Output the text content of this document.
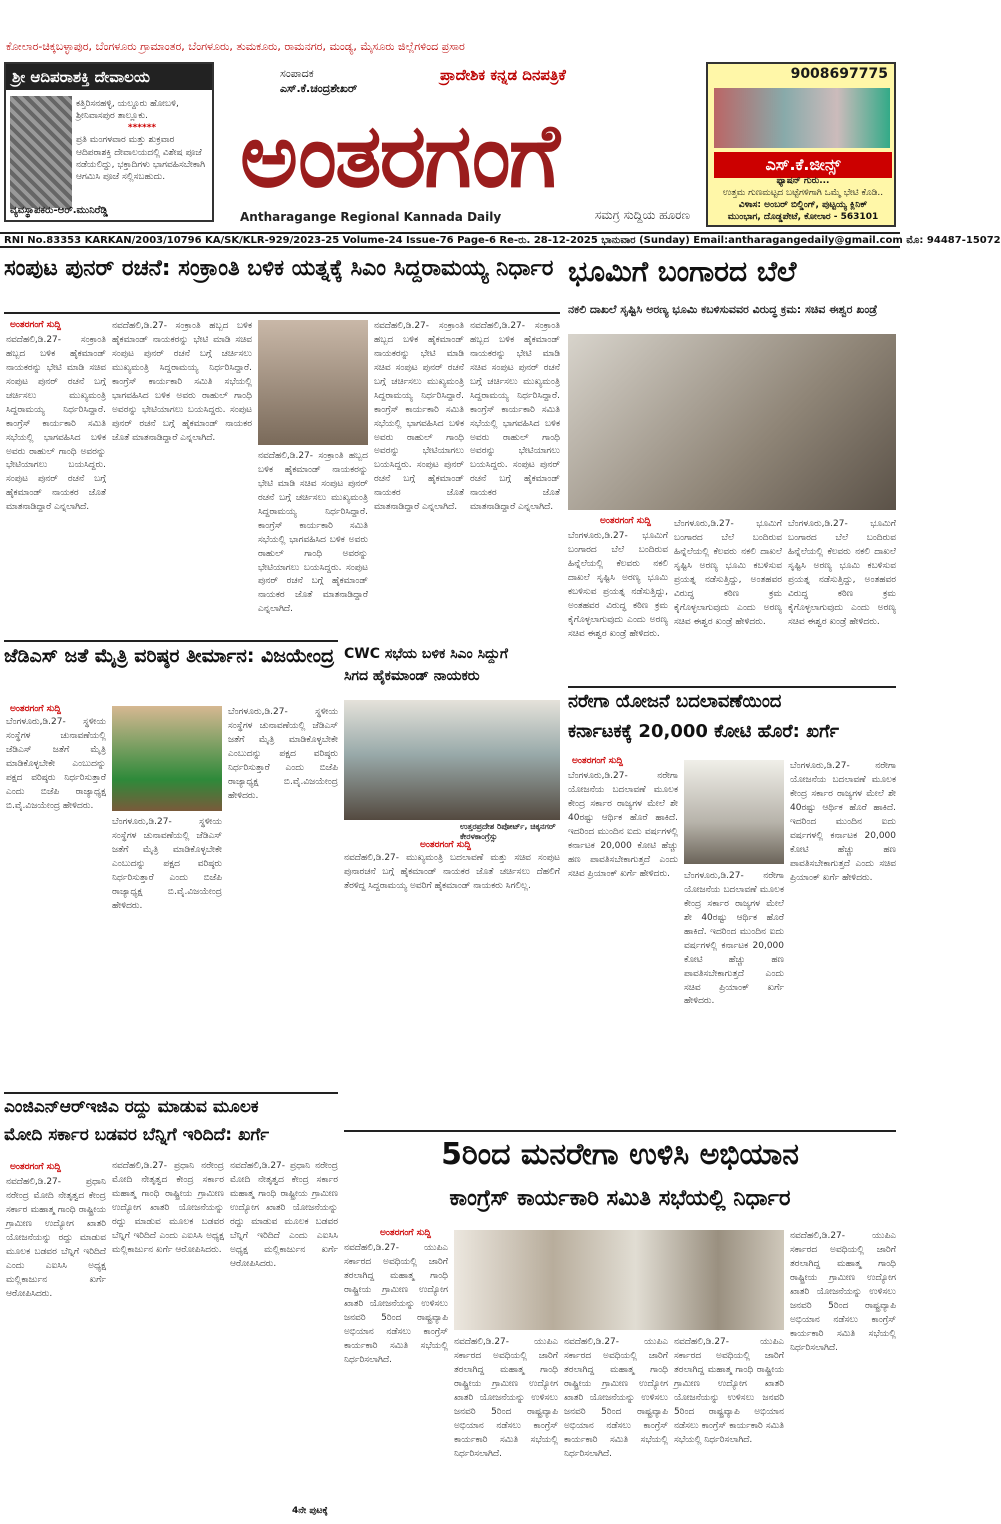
ಕೋಲಾರ-ಚಿಕ್ಕಬಳ್ಳಾಪುರ, ಬೆಂಗಳೂರು ಗ್ರಾಮಾಂತರ, ಬೆಂಗಳೂರು, ತುಮಕೂರು, ರಾಮನಗರ, ಮಂಡ್ಯ, ಮೈಸೂರು ಜಿಲ್ಲೆಗಳಿಂದ ಪ್ರಸಾರ
ಶ್ರೀ ಆದಿಪರಾಶಕ್ತಿ ದೇವಾಲಯ
ಕತ್ತಿರಿಸನಹಳ್ಳಿ, ಯಲ್ದೂರು ಹೋಬಳಿ, ಶ್ರೀನಿವಾಸಪುರ ತಾಲ್ಲೂಕು.
******
ಪ್ರತಿ ಮಂಗಳವಾರ ಮತ್ತು ಶುಕ್ರವಾರ ಆದಿಪರಾಶಕ್ತಿ ದೇವಾಲಯದಲ್ಲಿ ವಿಶೇಷ ಪೂಜೆ ನಡೆಯಲಿದ್ದು, ಭಕ್ತಾದಿಗಳು ಭಾಗವಹಿಸಬೇಕಾಗಿ ಆಗಮಿಸಿ ಪೂಜೆ ಸಲ್ಲಿಸಬಹುದು.
ವ್ಯವಸ್ಥಾಪಕರು-ಆರ್.ಮುನಿರೆಡ್ಡಿ
ಸಂಪಾದಕ
ಎಸ್.ಕೆ.ಚಂದ್ರಶೇಖರ್
ಪ್ರಾದೇಶಿಕ ಕನ್ನಡ ದಿನಪತ್ರಿಕೆ
ಅಂತರಗಂಗೆ
Antharagange Regional Kannada Daily	ಸಮಗ್ರ ಸುದ್ದಿಯ ಹೂರಣ
9008697775
ಎಸ್.ಕೆ.ಜೀನ್ಸ್
ಫ್ಯಾಷನ್ ಗುರು...
ಉತ್ತಮ ಗುಣಮಟ್ಟದ ಬಟ್ಟೆಗಳಿಗಾಗಿ ಒಮ್ಮೆ ಭೇಟಿ ಕೊಡಿ..
ವಿಳಾಸ: ಅಂಬರ್ ಬಿಲ್ಡಿಂಗ್, ಪುಟ್ಟಯ್ಯ ಕ್ಲಿನಿಕ್
ಮುಂಭಾಗ, ದೊಡ್ಡಪೇಟೆ, ಕೋಲಾರ - 563101
RNI No.83353 KARKAN/2003/10796 KA/SK/KLR-929/2023-25 Volume-24 Issue-76 Page-6 Re-ರು. 28-12-2025 ಭಾನುವಾರ (Sunday) Email:antharagangedaily@gmail.com ಮೊ: 94487-15072
ಸಂಪುಟ ಪುನರ್ ರಚನೆ: ಸಂಕ್ರಾಂತಿ ಬಳಿಕ ಯತ್ನಕ್ಕೆ ಸಿಎಂ ಸಿದ್ದರಾಮಯ್ಯ ನಿರ್ಧಾರ
ಅಂತರಗಂಗೆ ಸುದ್ದಿ
ನವದೆಹಲಿ,ಡಿ.27- ಸಂಕ್ರಾಂತಿ ಹಬ್ಬದ ಬಳಿಕ ಹೈಕಮಾಂಡ್ ನಾಯಕರನ್ನು ಭೇಟಿ ಮಾಡಿ ಸಚಿವ ಸಂಪುಟ ಪುನರ್ ರಚನೆ ಬಗ್ಗೆ ಚರ್ಚಿಸಲು ಮುಖ್ಯಮಂತ್ರಿ ಸಿದ್ದರಾಮಯ್ಯ ನಿರ್ಧರಿಸಿದ್ದಾರೆ. ಕಾಂಗ್ರೆಸ್ ಕಾರ್ಯಕಾರಿ ಸಮಿತಿ ಸಭೆಯಲ್ಲಿ ಭಾಗವಹಿಸಿದ ಬಳಿಕ ಅವರು ರಾಹುಲ್ ಗಾಂಧಿ ಅವರನ್ನು ಭೇಟಿಯಾಗಲು ಬಯಸಿದ್ದರು. ಸಂಪುಟ ಪುನರ್ ರಚನೆ ಬಗ್ಗೆ ಹೈಕಮಾಂಡ್ ನಾಯಕರ ಜೊತೆ ಮಾತನಾಡಿದ್ದಾರೆ ಎನ್ನಲಾಗಿದೆ.
ನವದೆಹಲಿ,ಡಿ.27- ಸಂಕ್ರಾಂತಿ ಹಬ್ಬದ ಬಳಿಕ ಹೈಕಮಾಂಡ್ ನಾಯಕರನ್ನು ಭೇಟಿ ಮಾಡಿ ಸಚಿವ ಸಂಪುಟ ಪುನರ್ ರಚನೆ ಬಗ್ಗೆ ಚರ್ಚಿಸಲು ಮುಖ್ಯಮಂತ್ರಿ ಸಿದ್ದರಾಮಯ್ಯ ನಿರ್ಧರಿಸಿದ್ದಾರೆ. ಕಾಂಗ್ರೆಸ್ ಕಾರ್ಯಕಾರಿ ಸಮಿತಿ ಸಭೆಯಲ್ಲಿ ಭಾಗವಹಿಸಿದ ಬಳಿಕ ಅವರು ರಾಹುಲ್ ಗಾಂಧಿ ಅವರನ್ನು ಭೇಟಿಯಾಗಲು ಬಯಸಿದ್ದರು. ಸಂಪುಟ ಪುನರ್ ರಚನೆ ಬಗ್ಗೆ ಹೈಕಮಾಂಡ್ ನಾಯಕರ ಜೊತೆ ಮಾತನಾಡಿದ್ದಾರೆ ಎನ್ನಲಾಗಿದೆ.
ನವದೆಹಲಿ,ಡಿ.27- ಸಂಕ್ರಾಂತಿ ಹಬ್ಬದ ಬಳಿಕ ಹೈಕಮಾಂಡ್ ನಾಯಕರನ್ನು ಭೇಟಿ ಮಾಡಿ ಸಚಿವ ಸಂಪುಟ ಪುನರ್ ರಚನೆ ಬಗ್ಗೆ ಚರ್ಚಿಸಲು ಮುಖ್ಯಮಂತ್ರಿ ಸಿದ್ದರಾಮಯ್ಯ ನಿರ್ಧರಿಸಿದ್ದಾರೆ. ಕಾಂಗ್ರೆಸ್ ಕಾರ್ಯಕಾರಿ ಸಮಿತಿ ಸಭೆಯಲ್ಲಿ ಭಾಗವಹಿಸಿದ ಬಳಿಕ ಅವರು ರಾಹುಲ್ ಗಾಂಧಿ ಅವರನ್ನು ಭೇಟಿಯಾಗಲು ಬಯಸಿದ್ದರು. ಸಂಪುಟ ಪುನರ್ ರಚನೆ ಬಗ್ಗೆ ಹೈಕಮಾಂಡ್ ನಾಯಕರ ಜೊತೆ ಮಾತನಾಡಿದ್ದಾರೆ ಎನ್ನಲಾಗಿದೆ.
ನವದೆಹಲಿ,ಡಿ.27- ಸಂಕ್ರಾಂತಿ ಹಬ್ಬದ ಬಳಿಕ ಹೈಕಮಾಂಡ್ ನಾಯಕರನ್ನು ಭೇಟಿ ಮಾಡಿ ಸಚಿವ ಸಂಪುಟ ಪುನರ್ ರಚನೆ ಬಗ್ಗೆ ಚರ್ಚಿಸಲು ಮುಖ್ಯಮಂತ್ರಿ ಸಿದ್ದರಾಮಯ್ಯ ನಿರ್ಧರಿಸಿದ್ದಾರೆ. ಕಾಂಗ್ರೆಸ್ ಕಾರ್ಯಕಾರಿ ಸಮಿತಿ ಸಭೆಯಲ್ಲಿ ಭಾಗವಹಿಸಿದ ಬಳಿಕ ಅವರು ರಾಹುಲ್ ಗಾಂಧಿ ಅವರನ್ನು ಭೇಟಿಯಾಗಲು ಬಯಸಿದ್ದರು. ಸಂಪುಟ ಪುನರ್ ರಚನೆ ಬಗ್ಗೆ ಹೈಕಮಾಂಡ್ ನಾಯಕರ ಜೊತೆ ಮಾತನಾಡಿದ್ದಾರೆ ಎನ್ನಲಾಗಿದೆ.
ನವದೆಹಲಿ,ಡಿ.27- ಸಂಕ್ರಾಂತಿ ಹಬ್ಬದ ಬಳಿಕ ಹೈಕಮಾಂಡ್ ನಾಯಕರನ್ನು ಭೇಟಿ ಮಾಡಿ ಸಚಿವ ಸಂಪುಟ ಪುನರ್ ರಚನೆ ಬಗ್ಗೆ ಚರ್ಚಿಸಲು ಮುಖ್ಯಮಂತ್ರಿ ಸಿದ್ದರಾಮಯ್ಯ ನಿರ್ಧರಿಸಿದ್ದಾರೆ. ಕಾಂಗ್ರೆಸ್ ಕಾರ್ಯಕಾರಿ ಸಮಿತಿ ಸಭೆಯಲ್ಲಿ ಭಾಗವಹಿಸಿದ ಬಳಿಕ ಅವರು ರಾಹುಲ್ ಗಾಂಧಿ ಅವರನ್ನು ಭೇಟಿಯಾಗಲು ಬಯಸಿದ್ದರು. ಸಂಪುಟ ಪುನರ್ ರಚನೆ ಬಗ್ಗೆ ಹೈಕಮಾಂಡ್ ನಾಯಕರ ಜೊತೆ ಮಾತನಾಡಿದ್ದಾರೆ ಎನ್ನಲಾಗಿದೆ.
ಭೂಮಿಗೆ ಬಂಗಾರದ ಬೆಲೆ
ನಕಲಿ ದಾಖಲೆ ಸೃಷ್ಟಿಸಿ ಅರಣ್ಯ ಭೂಮಿ ಕಬಳಿಸುವವರ ವಿರುದ್ಧ ಕ್ರಮ: ಸಚಿವ ಈಶ್ವರ ಖಂಡ್ರೆ
ಅಂತರಗಂಗೆ ಸುದ್ದಿ
ಬೆಂಗಳೂರು,ಡಿ.27- ಭೂಮಿಗೆ ಬಂಗಾರದ ಬೆಲೆ ಬಂದಿರುವ ಹಿನ್ನೆಲೆಯಲ್ಲಿ ಕೆಲವರು ನಕಲಿ ದಾಖಲೆ ಸೃಷ್ಟಿಸಿ ಅರಣ್ಯ ಭೂಮಿ ಕಬಳಿಸುವ ಪ್ರಯತ್ನ ನಡೆಸುತ್ತಿದ್ದು, ಅಂತಹವರ ವಿರುದ್ಧ ಕಠಿಣ ಕ್ರಮ ಕೈಗೊಳ್ಳಲಾಗುವುದು ಎಂದು ಅರಣ್ಯ ಸಚಿವ ಈಶ್ವರ ಖಂಡ್ರೆ ಹೇಳಿದರು.
ಬೆಂಗಳೂರು,ಡಿ.27- ಭೂಮಿಗೆ ಬಂಗಾರದ ಬೆಲೆ ಬಂದಿರುವ ಹಿನ್ನೆಲೆಯಲ್ಲಿ ಕೆಲವರು ನಕಲಿ ದಾಖಲೆ ಸೃಷ್ಟಿಸಿ ಅರಣ್ಯ ಭೂಮಿ ಕಬಳಿಸುವ ಪ್ರಯತ್ನ ನಡೆಸುತ್ತಿದ್ದು, ಅಂತಹವರ ವಿರುದ್ಧ ಕಠಿಣ ಕ್ರಮ ಕೈಗೊಳ್ಳಲಾಗುವುದು ಎಂದು ಅರಣ್ಯ ಸಚಿವ ಈಶ್ವರ ಖಂಡ್ರೆ ಹೇಳಿದರು.
ಬೆಂಗಳೂರು,ಡಿ.27- ಭೂಮಿಗೆ ಬಂಗಾರದ ಬೆಲೆ ಬಂದಿರುವ ಹಿನ್ನೆಲೆಯಲ್ಲಿ ಕೆಲವರು ನಕಲಿ ದಾಖಲೆ ಸೃಷ್ಟಿಸಿ ಅರಣ್ಯ ಭೂಮಿ ಕಬಳಿಸುವ ಪ್ರಯತ್ನ ನಡೆಸುತ್ತಿದ್ದು, ಅಂತಹವರ ವಿರುದ್ಧ ಕಠಿಣ ಕ್ರಮ ಕೈಗೊಳ್ಳಲಾಗುವುದು ಎಂದು ಅರಣ್ಯ ಸಚಿವ ಈಶ್ವರ ಖಂಡ್ರೆ ಹೇಳಿದರು.
ಜೆಡಿಎಸ್ ಜತೆ ಮೈತ್ರಿ ವರಿಷ್ಠರ ತೀರ್ಮಾನ: ವಿಜಯೇಂದ್ರ
ಅಂತರಗಂಗೆ ಸುದ್ದಿ
ಬೆಂಗಳೂರು,ಡಿ.27- ಸ್ಥಳೀಯ ಸಂಸ್ಥೆಗಳ ಚುನಾವಣೆಯಲ್ಲಿ ಜೆಡಿಎಸ್ ಜತೆಗೆ ಮೈತ್ರಿ ಮಾಡಿಕೊಳ್ಳಬೇಕೇ ಎಂಬುದನ್ನು ಪಕ್ಷದ ವರಿಷ್ಠರು ನಿರ್ಧರಿಸುತ್ತಾರೆ ಎಂದು ಬಿಜೆಪಿ ರಾಜ್ಯಾಧ್ಯಕ್ಷ ಬಿ.ವೈ.ವಿಜಯೇಂದ್ರ ಹೇಳಿದರು.
ಬೆಂಗಳೂರು,ಡಿ.27- ಸ್ಥಳೀಯ ಸಂಸ್ಥೆಗಳ ಚುನಾವಣೆಯಲ್ಲಿ ಜೆಡಿಎಸ್ ಜತೆಗೆ ಮೈತ್ರಿ ಮಾಡಿಕೊಳ್ಳಬೇಕೇ ಎಂಬುದನ್ನು ಪಕ್ಷದ ವರಿಷ್ಠರು ನಿರ್ಧರಿಸುತ್ತಾರೆ ಎಂದು ಬಿಜೆಪಿ ರಾಜ್ಯಾಧ್ಯಕ್ಷ ಬಿ.ವೈ.ವಿಜಯೇಂದ್ರ ಹೇಳಿದರು.
ಬೆಂಗಳೂರು,ಡಿ.27- ಸ್ಥಳೀಯ ಸಂಸ್ಥೆಗಳ ಚುನಾವಣೆಯಲ್ಲಿ ಜೆಡಿಎಸ್ ಜತೆಗೆ ಮೈತ್ರಿ ಮಾಡಿಕೊಳ್ಳಬೇಕೇ ಎಂಬುದನ್ನು ಪಕ್ಷದ ವರಿಷ್ಠರು ನಿರ್ಧರಿಸುತ್ತಾರೆ ಎಂದು ಬಿಜೆಪಿ ರಾಜ್ಯಾಧ್ಯಕ್ಷ ಬಿ.ವೈ.ವಿಜಯೇಂದ್ರ ಹೇಳಿದರು.
CWC ಸಭೆಯ ಬಳಿಕ ಸಿಎಂ ಸಿದ್ದುಗೆ
ಸಿಗದ ಹೈಕಮಾಂಡ್ ನಾಯಕರು
ಉತ್ತರಪ್ರದೇಶ ರಿಪೋರ್ಟ್, ಚಿಕ್ಕನಗರ್ ಕೇರಳಕಾಂಗ್ರೆಸ್ಸು
ಅಂತರಗಂಗೆ ಸುದ್ದಿ
ನವದೆಹಲಿ,ಡಿ.27- ಮುಖ್ಯಮಂತ್ರಿ ಬದಲಾವಣೆ ಮತ್ತು ಸಚಿವ ಸಂಪುಟ ಪುನಾರಚನೆ ಬಗ್ಗೆ ಹೈಕಮಾಂಡ್ ನಾಯಕರ ಜೊತೆ ಚರ್ಚಿಸಲು ದೆಹಲಿಗೆ ತೆರಳಿದ್ದ ಸಿದ್ದರಾಮಯ್ಯ ಅವರಿಗೆ ಹೈಕಮಾಂಡ್ ನಾಯಕರು ಸಿಗಲಿಲ್ಲ.
ನರೇಗಾ ಯೋಜನೆ ಬದಲಾವಣೆಯಿಂದ
ಕರ್ನಾಟಕಕ್ಕೆ 20,000 ಕೋಟಿ ಹೊರೆ: ಖರ್ಗೆ
ಅಂತರಗಂಗೆ ಸುದ್ದಿ
ಬೆಂಗಳೂರು,ಡಿ.27- ನರೇಗಾ ಯೋಜನೆಯ ಬದಲಾವಣೆ ಮೂಲಕ ಕೇಂದ್ರ ಸರ್ಕಾರ ರಾಜ್ಯಗಳ ಮೇಲೆ ಶೇ 40ರಷ್ಟು ಆರ್ಥಿಕ ಹೊರೆ ಹಾಕಿದೆ. ಇದರಿಂದ ಮುಂದಿನ ಐದು ವರ್ಷಗಳಲ್ಲಿ ಕರ್ನಾಟಕ 20,000 ಕೋಟಿ ಹೆಚ್ಚು ಹಣ ಪಾವತಿಸಬೇಕಾಗುತ್ತದೆ ಎಂದು ಸಚಿವ ಪ್ರಿಯಾಂಕ್ ಖರ್ಗೆ ಹೇಳಿದರು.	ಬೆಂಗಳೂರು,ಡಿ.27- ನರೇಗಾ ಯೋಜನೆಯ ಬದಲಾವಣೆ ಮೂಲಕ ಕೇಂದ್ರ ಸರ್ಕಾರ ರಾಜ್ಯಗಳ ಮೇಲೆ ಶೇ 40ರಷ್ಟು ಆರ್ಥಿಕ ಹೊರೆ ಹಾಕಿದೆ. ಇದರಿಂದ ಮುಂದಿನ ಐದು ವರ್ಷಗಳಲ್ಲಿ ಕರ್ನಾಟಕ 20,000 ಕೋಟಿ ಹೆಚ್ಚು ಹಣ ಪಾವತಿಸಬೇಕಾಗುತ್ತದೆ ಎಂದು ಸಚಿವ ಪ್ರಿಯಾಂಕ್ ಖರ್ಗೆ ಹೇಳಿದರು.
ಬೆಂಗಳೂರು,ಡಿ.27- ನರೇಗಾ ಯೋಜನೆಯ ಬದಲಾವಣೆ ಮೂಲಕ ಕೇಂದ್ರ ಸರ್ಕಾರ ರಾಜ್ಯಗಳ ಮೇಲೆ ಶೇ 40ರಷ್ಟು ಆರ್ಥಿಕ ಹೊರೆ ಹಾಕಿದೆ. ಇದರಿಂದ ಮುಂದಿನ ಐದು ವರ್ಷಗಳಲ್ಲಿ ಕರ್ನಾಟಕ 20,000 ಕೋಟಿ ಹೆಚ್ಚು ಹಣ ಪಾವತಿಸಬೇಕಾಗುತ್ತದೆ ಎಂದು ಸಚಿವ ಪ್ರಿಯಾಂಕ್ ಖರ್ಗೆ ಹೇಳಿದರು.
ಎಂಜಿಎನ್‌ಆರ್‌ಇಜಿಎ ರದ್ದು ಮಾಡುವ ಮೂಲಕ
ಮೋದಿ ಸರ್ಕಾರ ಬಡವರ ಬೆನ್ನಿಗೆ ಇರಿದಿದೆ: ಖರ್ಗೆ
ಅಂತರಗಂಗೆ ಸುದ್ದಿ
ನವದೆಹಲಿ,ಡಿ.27- ಪ್ರಧಾನಿ ನರೇಂದ್ರ ಮೋದಿ ನೇತೃತ್ವದ ಕೇಂದ್ರ ಸರ್ಕಾರ ಮಹಾತ್ಮ ಗಾಂಧಿ ರಾಷ್ಟ್ರೀಯ ಗ್ರಾಮೀಣ ಉದ್ಯೋಗ ಖಾತರಿ ಯೋಜನೆಯನ್ನು ರದ್ದು ಮಾಡುವ ಮೂಲಕ ಬಡವರ ಬೆನ್ನಿಗೆ ಇರಿದಿದೆ ಎಂದು ಎಐಸಿಸಿ ಅಧ್ಯಕ್ಷ ಮಲ್ಲಿಕಾರ್ಜುನ ಖರ್ಗೆ ಆರೋಪಿಸಿದರು.
ನವದೆಹಲಿ,ಡಿ.27- ಪ್ರಧಾನಿ ನರೇಂದ್ರ ಮೋದಿ ನೇತೃತ್ವದ ಕೇಂದ್ರ ಸರ್ಕಾರ ಮಹಾತ್ಮ ಗಾಂಧಿ ರಾಷ್ಟ್ರೀಯ ಗ್ರಾಮೀಣ ಉದ್ಯೋಗ ಖಾತರಿ ಯೋಜನೆಯನ್ನು ರದ್ದು ಮಾಡುವ ಮೂಲಕ ಬಡವರ ಬೆನ್ನಿಗೆ ಇರಿದಿದೆ ಎಂದು ಎಐಸಿಸಿ ಅಧ್ಯಕ್ಷ ಮಲ್ಲಿಕಾರ್ಜುನ ಖರ್ಗೆ ಆರೋಪಿಸಿದರು.
ನವದೆಹಲಿ,ಡಿ.27- ಪ್ರಧಾನಿ ನರೇಂದ್ರ ಮೋದಿ ನೇತೃತ್ವದ ಕೇಂದ್ರ ಸರ್ಕಾರ ಮಹಾತ್ಮ ಗಾಂಧಿ ರಾಷ್ಟ್ರೀಯ ಗ್ರಾಮೀಣ ಉದ್ಯೋಗ ಖಾತರಿ ಯೋಜನೆಯನ್ನು ರದ್ದು ಮಾಡುವ ಮೂಲಕ ಬಡವರ ಬೆನ್ನಿಗೆ ಇರಿದಿದೆ ಎಂದು ಎಐಸಿಸಿ ಅಧ್ಯಕ್ಷ ಮಲ್ಲಿಕಾರ್ಜುನ ಖರ್ಗೆ ಆರೋಪಿಸಿದರು.
4ನೇ ಪುಟಕ್ಕೆ
5ರಿಂದ ಮನರೇಗಾ ಉಳಿಸಿ ಅಭಿಯಾನ
ಕಾಂಗ್ರೆಸ್ ಕಾರ್ಯಕಾರಿ ಸಮಿತಿ ಸಭೆಯಲ್ಲಿ ನಿರ್ಧಾರ
ಅಂತರಗಂಗೆ ಸುದ್ದಿ
ನವದೆಹಲಿ,ಡಿ.27- ಯುಪಿಎ ಸರ್ಕಾರದ ಅವಧಿಯಲ್ಲಿ ಜಾರಿಗೆ ತರಲಾಗಿದ್ದ ಮಹಾತ್ಮ ಗಾಂಧಿ ರಾಷ್ಟ್ರೀಯ ಗ್ರಾಮೀಣ ಉದ್ಯೋಗ ಖಾತರಿ ಯೋಜನೆಯನ್ನು ಉಳಿಸಲು ಜನವರಿ 5ರಿಂದ ರಾಷ್ಟ್ರವ್ಯಾಪಿ ಅಭಿಯಾನ ನಡೆಸಲು ಕಾಂಗ್ರೆಸ್ ಕಾರ್ಯಕಾರಿ ಸಮಿತಿ ಸಭೆಯಲ್ಲಿ ನಿರ್ಧರಿಸಲಾಗಿದೆ.
ನವದೆಹಲಿ,ಡಿ.27- ಯುಪಿಎ ಸರ್ಕಾರದ ಅವಧಿಯಲ್ಲಿ ಜಾರಿಗೆ ತರಲಾಗಿದ್ದ ಮಹಾತ್ಮ ಗಾಂಧಿ ರಾಷ್ಟ್ರೀಯ ಗ್ರಾಮೀಣ ಉದ್ಯೋಗ ಖಾತರಿ ಯೋಜನೆಯನ್ನು ಉಳಿಸಲು ಜನವರಿ 5ರಿಂದ ರಾಷ್ಟ್ರವ್ಯಾಪಿ ಅಭಿಯಾನ ನಡೆಸಲು ಕಾಂಗ್ರೆಸ್ ಕಾರ್ಯಕಾರಿ ಸಮಿತಿ ಸಭೆಯಲ್ಲಿ ನಿರ್ಧರಿಸಲಾಗಿದೆ.
ನವದೆಹಲಿ,ಡಿ.27- ಯುಪಿಎ ಸರ್ಕಾರದ ಅವಧಿಯಲ್ಲಿ ಜಾರಿಗೆ ತರಲಾಗಿದ್ದ ಮಹಾತ್ಮ ಗಾಂಧಿ ರಾಷ್ಟ್ರೀಯ ಗ್ರಾಮೀಣ ಉದ್ಯೋಗ ಖಾತರಿ ಯೋಜನೆಯನ್ನು ಉಳಿಸಲು ಜನವರಿ 5ರಿಂದ ರಾಷ್ಟ್ರವ್ಯಾಪಿ ಅಭಿಯಾನ ನಡೆಸಲು ಕಾಂಗ್ರೆಸ್ ಕಾರ್ಯಕಾರಿ ಸಮಿತಿ ಸಭೆಯಲ್ಲಿ ನಿರ್ಧರಿಸಲಾಗಿದೆ.
ನವದೆಹಲಿ,ಡಿ.27- ಯುಪಿಎ ಸರ್ಕಾರದ ಅವಧಿಯಲ್ಲಿ ಜಾರಿಗೆ ತರಲಾಗಿದ್ದ ಮಹಾತ್ಮ ಗಾಂಧಿ ರಾಷ್ಟ್ರೀಯ ಗ್ರಾಮೀಣ ಉದ್ಯೋಗ ಖಾತರಿ ಯೋಜನೆಯನ್ನು ಉಳಿಸಲು ಜನವರಿ 5ರಿಂದ ರಾಷ್ಟ್ರವ್ಯಾಪಿ ಅಭಿಯಾನ ನಡೆಸಲು ಕಾಂಗ್ರೆಸ್ ಕಾರ್ಯಕಾರಿ ಸಮಿತಿ ಸಭೆಯಲ್ಲಿ ನಿರ್ಧರಿಸಲಾಗಿದೆ.
ನವದೆಹಲಿ,ಡಿ.27- ಯುಪಿಎ ಸರ್ಕಾರದ ಅವಧಿಯಲ್ಲಿ ಜಾರಿಗೆ ತರಲಾಗಿದ್ದ ಮಹಾತ್ಮ ಗಾಂಧಿ ರಾಷ್ಟ್ರೀಯ ಗ್ರಾಮೀಣ ಉದ್ಯೋಗ ಖಾತರಿ ಯೋಜನೆಯನ್ನು ಉಳಿಸಲು ಜನವರಿ 5ರಿಂದ ರಾಷ್ಟ್ರವ್ಯಾಪಿ ಅಭಿಯಾನ ನಡೆಸಲು ಕಾಂಗ್ರೆಸ್ ಕಾರ್ಯಕಾರಿ ಸಮಿತಿ ಸಭೆಯಲ್ಲಿ ನಿರ್ಧರಿಸಲಾಗಿದೆ.
